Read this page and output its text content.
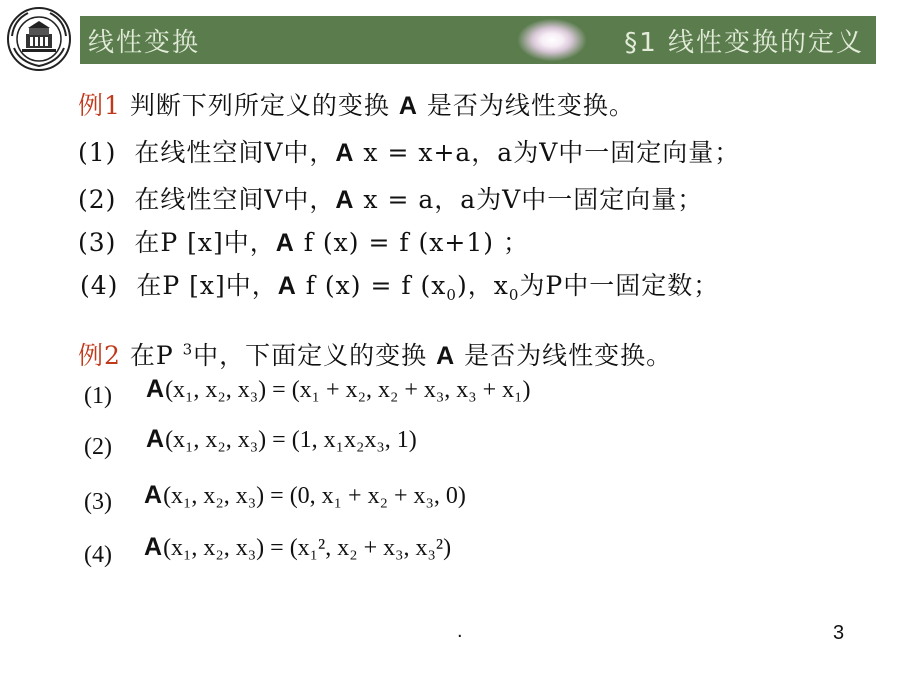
线性变换	§1 线性变换的定义
例1 判断下列所定义的变换 A 是否为线性变换。
(1) 在线性空间V中，A x = x+a，a为V中一固定向量；
(2) 在线性空间V中，A x = a，a为V中一固定向量；
(3) 在P [x]中，A f (x) = f (x+1) ；
(4) 在P [x]中，A f (x) = f $(x_0)$，$x_0$为P中一固定数；
例2 在P $^3$中，下面定义的变换 A 是否为线性变换。
(1) A(x₁, x₂, x₃) = (x₁ + x₂, x₂ + x₃, x₃ + x₁)
(2) A(x₁, x₂, x₃) = (1, x₁x₂x₃, 1)
(3) A(x₁, x₂, x₃) = (0, x₁ + x₂ + x₃, 0)
(4) A(x₁, x₂, x₃) = (x₁², x₂ + x₃, x₃²)
.	3
